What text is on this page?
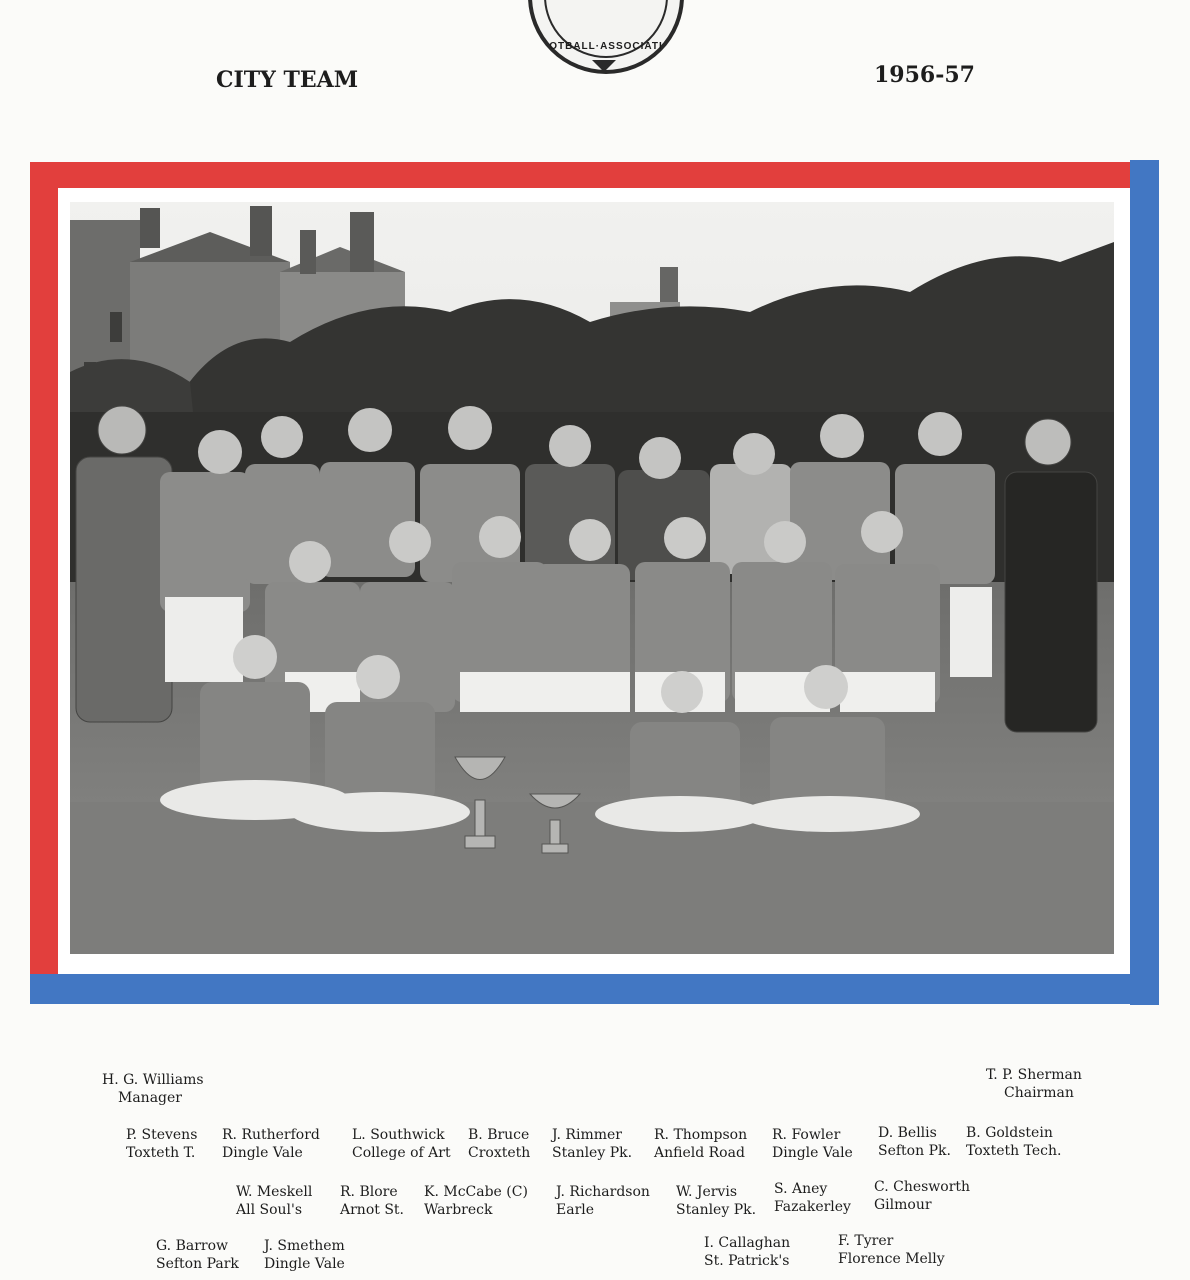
OTBALL·ASSOCIATI
CITY TEAM	1956-57
H. G. Williams
Manager
T. P. Sherman
Chairman
P. Stevens
Toxteth T.
R. Rutherford
Dingle Vale
L. Southwick
College of Art
B. Bruce
Croxteth
J. Rimmer
Stanley Pk.
R. Thompson
Anfield Road
R. Fowler
Dingle Vale
D. Bellis
Sefton Pk.
B. Goldstein
Toxteth Tech.
W. Meskell
All Soul's
R. Blore
Arnot St.
K. McCabe (C)
Warbreck
J. Richardson
Earle
W. Jervis
Stanley Pk.
S. Aney
Fazakerley
C. Chesworth
Gilmour
G. Barrow
Sefton Park
J. Smethem
Dingle Vale
I. Callaghan
St. Patrick's
F. Tyrer
Florence Melly
